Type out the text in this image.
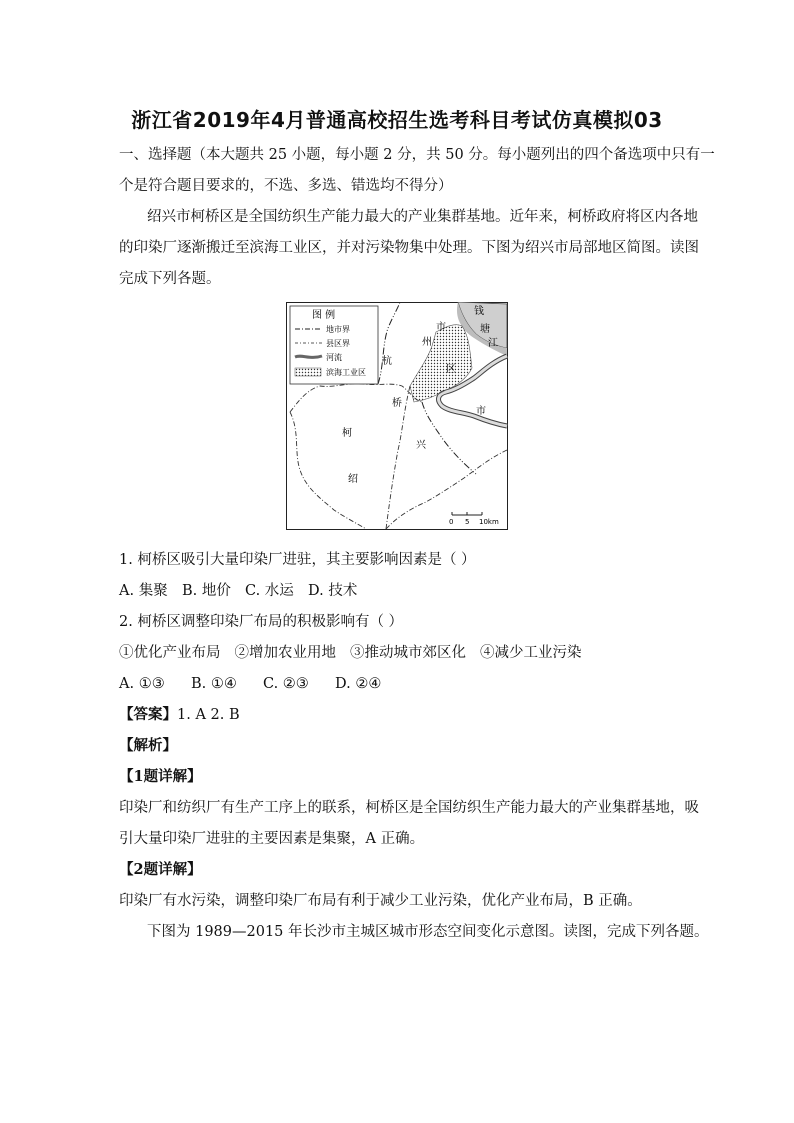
浙江省2019年4月普通高校招生选考科目考试仿真模拟03
一、选择题（本大题共 25 小题，每小题 2 分，共 50 分。每小题列出的四个备选项中只有一
个是符合题目要求的，不选、多选、错选均不得分）
绍兴市柯桥区是全国纺织生产能力最大的产业集群基地。近年来，柯桥政府将区内各地
的印染厂逐渐搬迁至滨海工业区，并对污染物集中处理。下图为绍兴市局部地区简图。读图
完成下列各题。
图 例
地市界
县区界
河流
滨海工业区
杭
州
市
钱
塘
江
区
市
桥
柯
兴
绍
0 5 10km
1. 柯桥区吸引大量印染厂进驻，其主要影响因素是（ ）
A. 集聚 B. 地价 C. 水运 D. 技术
2. 柯桥区调整印染厂布局的积极影响有（ ）
①优化产业布局 ②增加农业用地 ③推动城市郊区化 ④减少工业污染
A. ①③ B. ①④ C. ②③ D. ②④
【答案】1. A 2. B
【解析】
【1题详解】
印染厂和纺织厂有生产工序上的联系，柯桥区是全国纺织生产能力最大的产业集群基地，吸
引大量印染厂进驻的主要因素是集聚，A 正确。
【2题详解】
印染厂有水污染，调整印染厂布局有利于减少工业污染，优化产业布局，B 正确。
下图为 1989—2015 年长沙市主城区城市形态空间变化示意图。读图，完成下列各题。
